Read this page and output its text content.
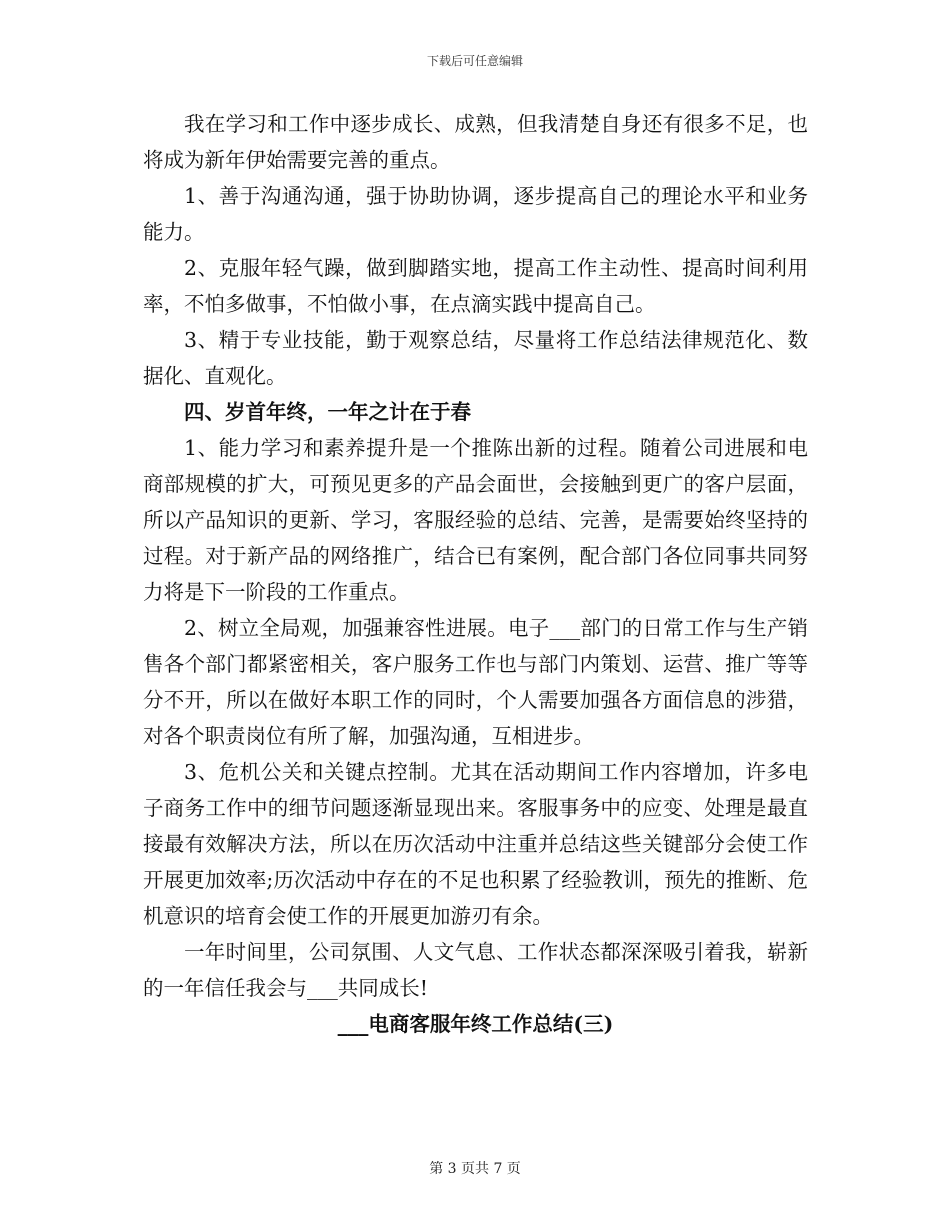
下载后可任意编辑

我在学习和工作中逐步成长、成熟，但我清楚自身还有很多不足，也将成为新年伊始需要完善的重点。

1、善于沟通沟通，强于协助协调，逐步提高自己的理论水平和业务能力。

2、克服年轻气躁，做到脚踏实地，提高工作主动性、提高时间利用率，不怕多做事，不怕做小事，在点滴实践中提高自己。

3、精于专业技能，勤于观察总结，尽量将工作总结法律规范化、数据化、直观化。

四、岁首年终，一年之计在于春

1、能力学习和素养提升是一个推陈出新的过程。随着公司进展和电商部规模的扩大，可预见更多的产品会面世，会接触到更广的客户层面，所以产品知识的更新、学习，客服经验的总结、完善，是需要始终坚持的过程。对于新产品的网络推广，结合已有案例，配合部门各位同事共同努力将是下一阶段的工作重点。

2、树立全局观，加强兼容性进展。电子___部门的日常工作与生产销售各个部门都紧密相关，客户服务工作也与部门内策划、运营、推广等等分不开，所以在做好本职工作的同时，个人需要加强各方面信息的涉猎，对各个职责岗位有所了解，加强沟通，互相进步。

3、危机公关和关键点控制。尤其在活动期间工作内容增加，许多电子商务工作中的细节问题逐渐显现出来。客服事务中的应变、处理是最直接最有效解决方法，所以在历次活动中注重并总结这些关键部分会使工作开展更加效率;历次活动中存在的不足也积累了经验教训，预先的推断、危机意识的培育会使工作的开展更加游刃有余。

一年时间里，公司氛围、人文气息、工作状态都深深吸引着我，崭新的一年信任我会与___共同成长!

___电商客服年终工作总结(三)

第 3 页共 7 页
